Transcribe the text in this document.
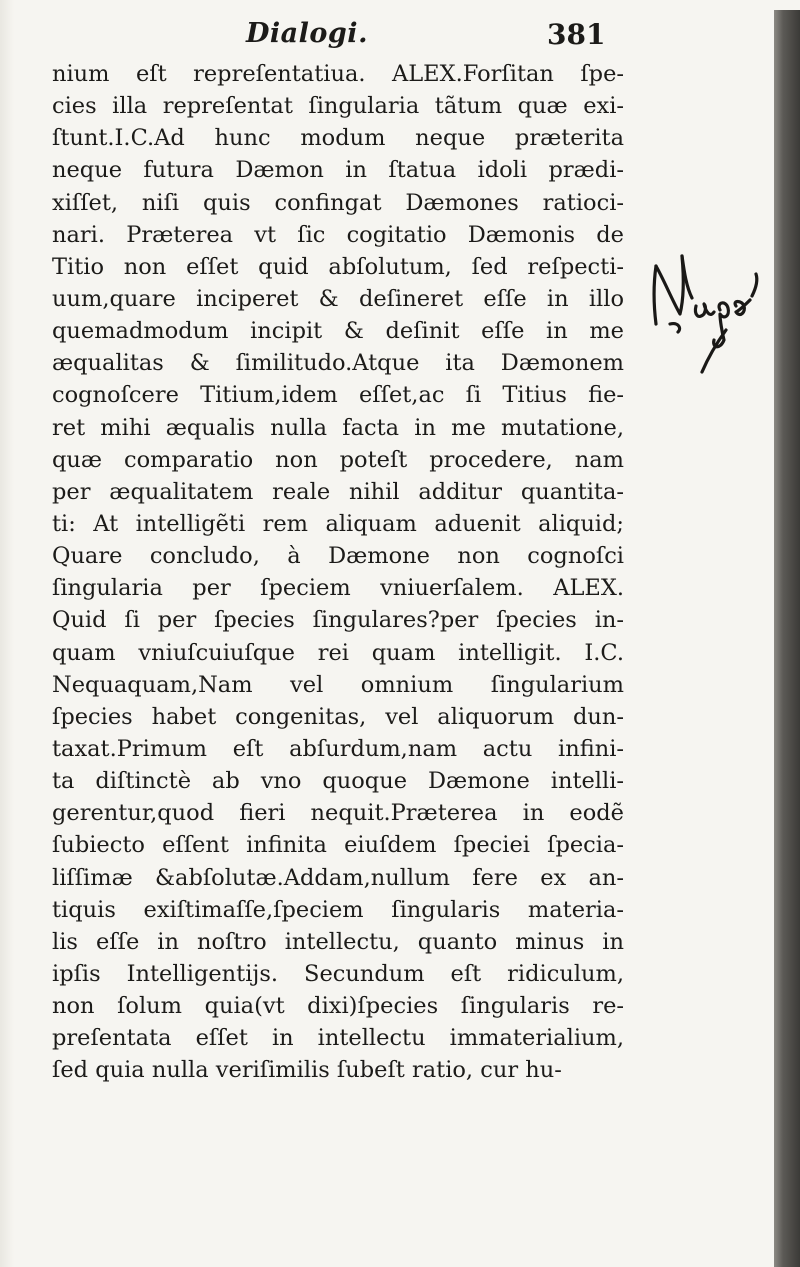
Dialogi.	381
nium eſt repreſentatiua. ALEX.Forſitan ſpe-
cies illa repreſentat ſingularia tãtum quæ exi-
ſtunt.I.C.Ad hunc modum neque præterita
neque futura Dæmon in ſtatua idoli prædi-
xiſſet, niſi quis confingat Dæmones ratioci-
nari. Præterea vt ſic cogitatio Dæmonis de
Titio non eſſet quid abſolutum, ſed reſpecti-
uum,quare inciperet & deſineret eſſe in illo
quemadmodum incipit & deſinit eſſe in me
æqualitas & ſimilitudo.Atque ita Dæmonem
cognoſcere Titium,idem eſſet,ac ſi Titius fie-
ret mihi æqualis nulla facta in me mutatione,
quæ comparatio non poteſt procedere, nam
per æqualitatem reale nihil additur quantita-
ti: At intelligẽti rem aliquam aduenit aliquid;
Quare concludo, à Dæmone non cognoſci
ſingularia per ſpeciem vniuerſalem. ALEX.
Quid ſi per ſpecies ſingulares?per ſpecies in-
quam vniuſcuiuſque rei quam intelligit. I.C.
Nequaquam,Nam vel omnium ſingularium
ſpecies habet congenitas, vel aliquorum dun-
taxat.Primum eſt abſurdum,nam actu infini-
ta diſtinctè ab vno quoque Dæmone intelli-
gerentur,quod fieri nequit.Præterea in eodẽ
ſubiecto eſſent infinita eiuſdem ſpeciei ſpecia-
liſſimæ &abſolutæ.Addam,nullum fere ex an-
tiquis exiſtimaſſe,ſpeciem ſingularis materia-
lis eſſe in noſtro intellectu, quanto minus in
ipſis Intelligentijs. Secundum eſt ridiculum,
non ſolum quia(vt dixi)ſpecies ſingularis re-
preſentata eſſet in intellectu immaterialium,
ſed quia nulla veriſimilis ſubeſt ratio, cur hu-
